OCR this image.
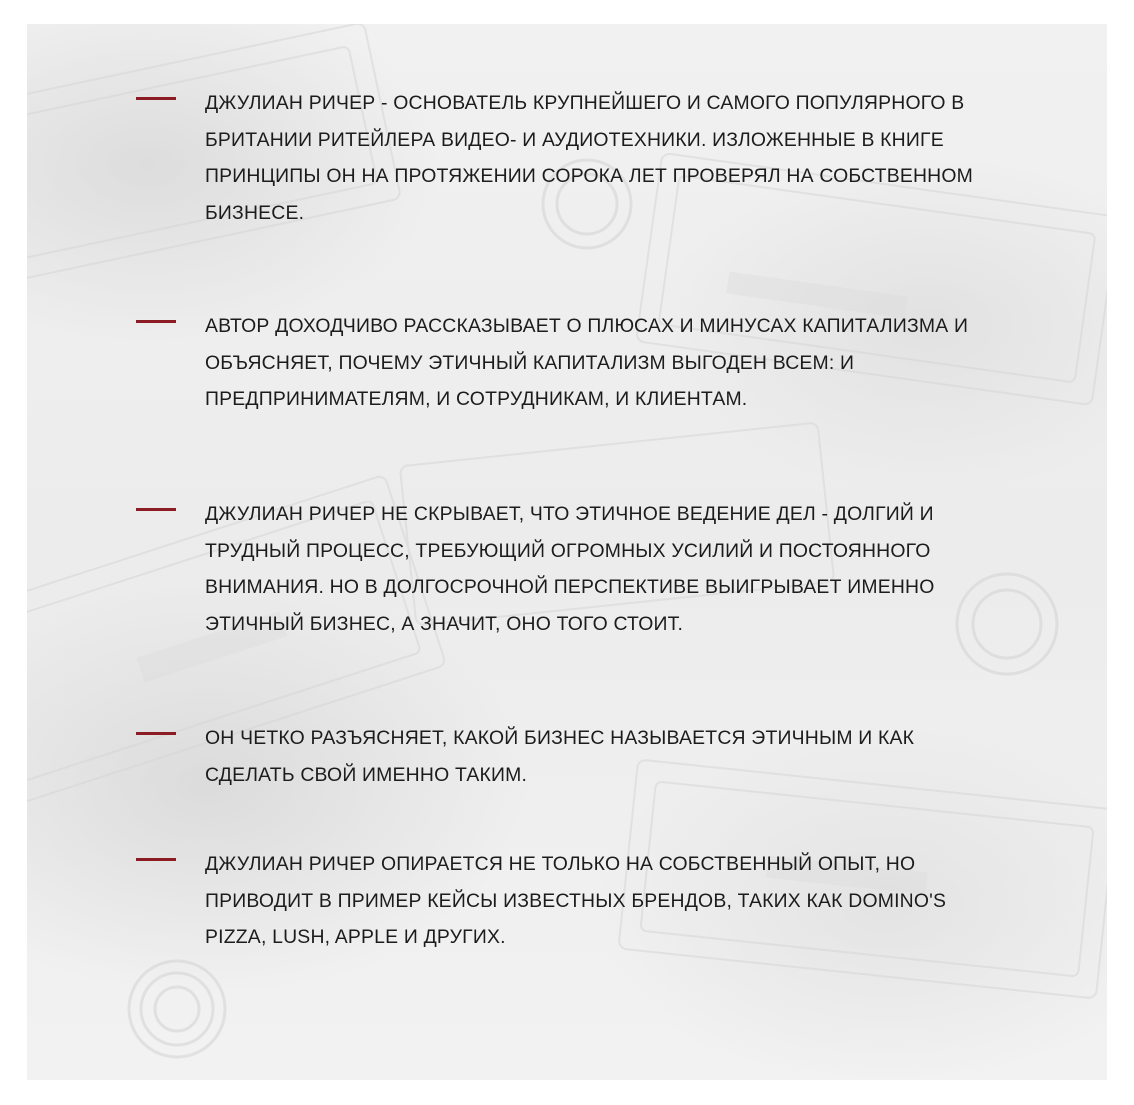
ДЖУЛИАН РИЧЕР - ОСНОВАТЕЛЬ КРУПНЕЙШЕГО И САМОГО ПОПУЛЯРНОГО В БРИТАНИИ РИТЕЙЛЕРА ВИДЕО- И АУДИОТЕХНИКИ. ИЗЛОЖЕННЫЕ В КНИГЕ ПРИНЦИПЫ ОН НА ПРОТЯЖЕНИИ СОРОКА ЛЕТ ПРОВЕРЯЛ НА СОБСТВЕННОМ БИЗНЕСЕ.
АВТОР ДОХОДЧИВО РАССКАЗЫВАЕТ О ПЛЮСАХ И МИНУСАХ КАПИТАЛИЗМА И ОБЪЯСНЯЕТ, ПОЧЕМУ ЭТИЧНЫЙ КАПИТАЛИЗМ ВЫГОДЕН ВСЕМ: И ПРЕДПРИНИМАТЕЛЯМ, И СОТРУДНИКАМ, И КЛИЕНТАМ.
ДЖУЛИАН РИЧЕР НЕ СКРЫВАЕТ, ЧТО ЭТИЧНОЕ ВЕДЕНИЕ ДЕЛ - ДОЛГИЙ И ТРУДНЫЙ ПРОЦЕСС, ТРЕБУЮЩИЙ ОГРОМНЫХ УСИЛИЙ И ПОСТОЯННОГО ВНИМАНИЯ. НО В ДОЛГОСРОЧНОЙ ПЕРСПЕКТИВЕ ВЫИГРЫВАЕТ ИМЕННО ЭТИЧНЫЙ БИЗНЕС, А ЗНАЧИТ, ОНО ТОГО СТОИТ.
ОН ЧЕТКО РАЗЪЯСНЯЕТ, КАКОЙ БИЗНЕС НАЗЫВАЕТСЯ ЭТИЧНЫМ И КАК СДЕЛАТЬ СВОЙ ИМЕННО ТАКИМ.
ДЖУЛИАН РИЧЕР ОПИРАЕТСЯ НЕ ТОЛЬКО НА СОБСТВЕННЫЙ ОПЫТ, НО ПРИВОДИТ В ПРИМЕР КЕЙСЫ ИЗВЕСТНЫХ БРЕНДОВ, ТАКИХ КАК DOMINO'S PIZZA, LUSH, APPLE И ДРУГИХ.
